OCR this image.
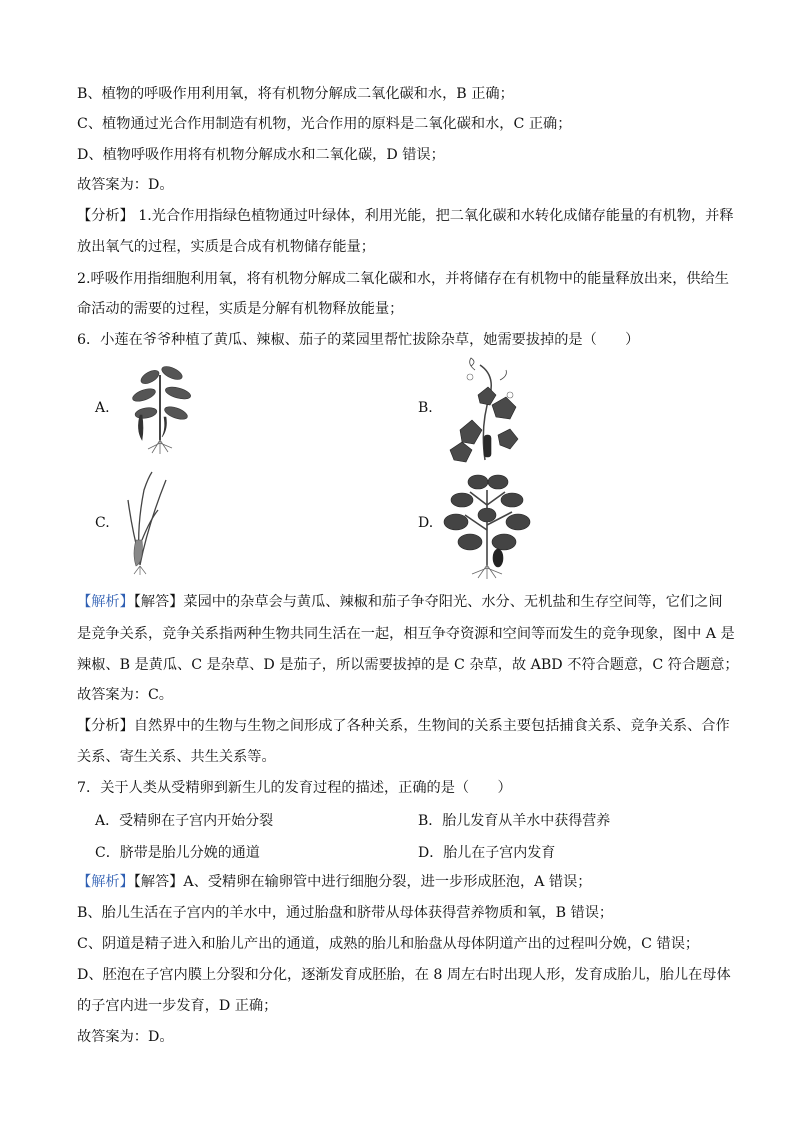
B、植物的呼吸作用利用氧，将有机物分解成二氧化碳和水，B 正确；
C、植物通过光合作用制造有机物，光合作用的原料是二氧化碳和水，C 正确；
D、植物呼吸作用将有机物分解成水和二氧化碳，D 错误；
故答案为：D。
【分析】 1.光合作用指绿色植物通过叶绿体，利用光能，把二氧化碳和水转化成储存能量的有机物，并释
放出氧气的过程，实质是合成有机物储存能量；
2.呼吸作用指细胞利用氧，将有机物分解成二氧化碳和水，并将储存在有机物中的能量释放出来，供给生
命活动的需要的过程，实质是分解有机物释放能量；
6．小莲在爷爷种植了黄瓜、辣椒、茄子的菜园里帮忙拔除杂草，她需要拔掉的是（　　）
A.	B.
C.	D.
【解析】【解答】菜园中的杂草会与黄瓜、辣椒和茄子争夺阳光、水分、无机盐和生存空间等，它们之间
是竞争关系，竞争关系指两种生物共同生活在一起，相互争夺资源和空间等而发生的竞争现象，图中 A 是
辣椒、B 是黄瓜、C 是杂草、D 是茄子，所以需要拔掉的是 C 杂草，故 ABD 不符合题意，C 符合题意；
故答案为：C。
【分析】自然界中的生物与生物之间形成了各种关系，生物间的关系主要包括捕食关系、竞争关系、合作
关系、寄生关系、共生关系等。
7．关于人类从受精卵到新生儿的发育过程的描述，正确的是（　　）
A．受精卵在子宫内开始分裂	B．胎儿发育从羊水中获得营养
C．脐带是胎儿分娩的通道	D．胎儿在子宫内发育
【解析】【解答】A、受精卵在输卵管中进行细胞分裂，进一步形成胚泡，A 错误；
B、胎儿生活在子宫内的羊水中，通过胎盘和脐带从母体获得营养物质和氧，B 错误；
C、阴道是精子进入和胎儿产出的通道，成熟的胎儿和胎盘从母体阴道产出的过程叫分娩，C 错误；
D、胚泡在子宫内膜上分裂和分化，逐渐发育成胚胎，在 8 周左右时出现人形，发育成胎儿，胎儿在母体
的子宫内进一步发育，D 正确；
故答案为：D。
